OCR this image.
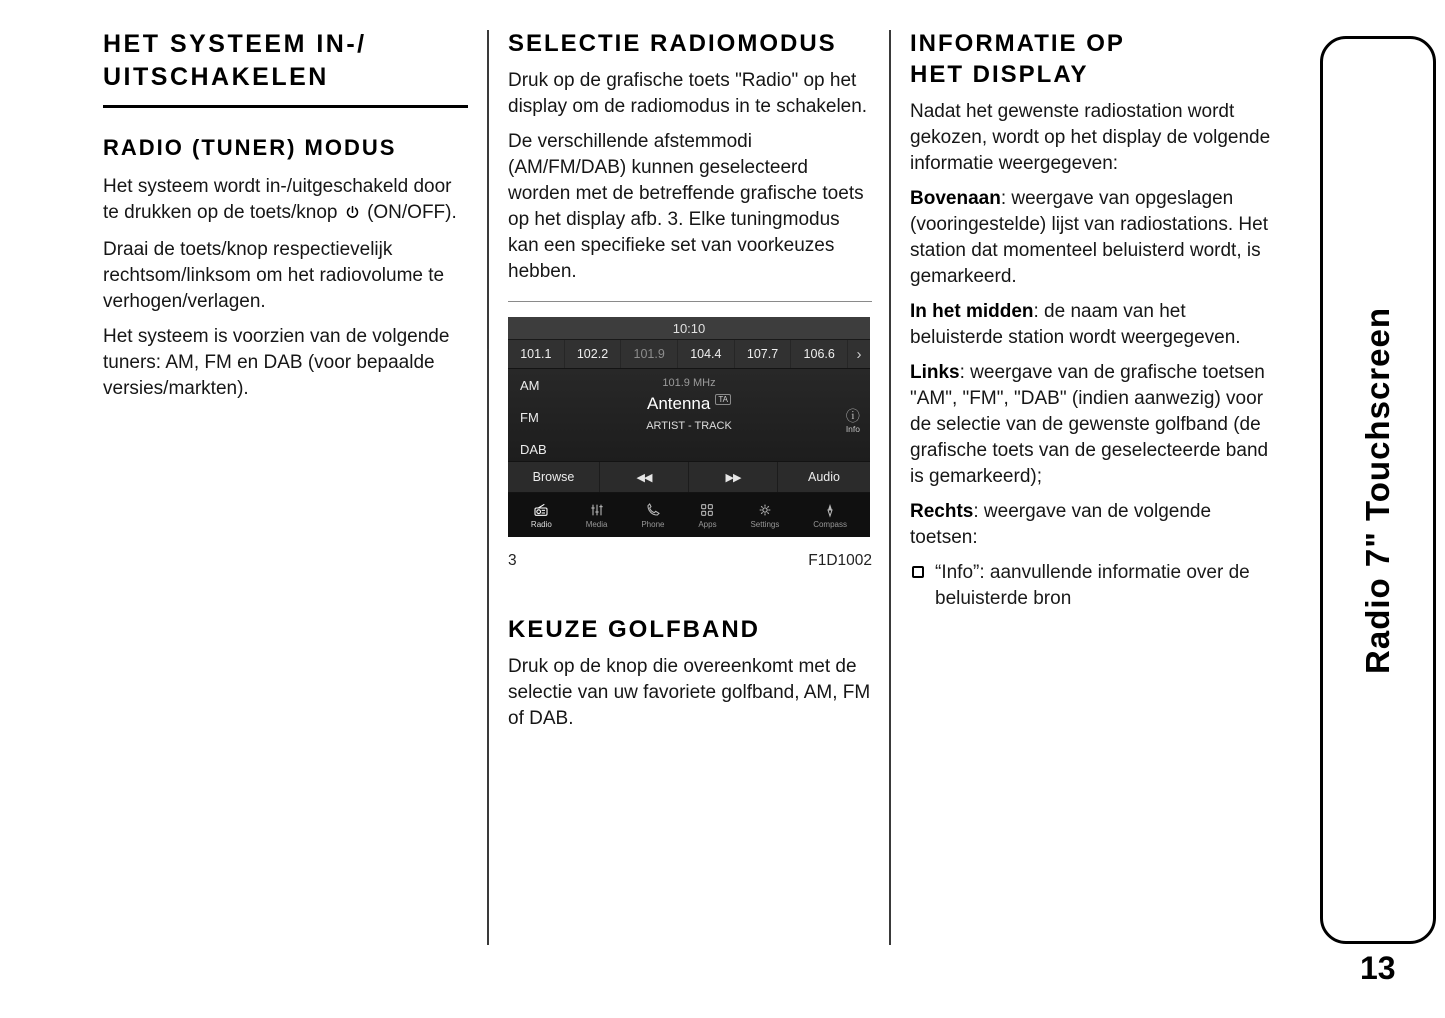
HET SYSTEEM IN-/
UITSCHAKELEN
RADIO (TUNER) MODUS

Het systeem wordt in-/uitgeschakeld door te drukken op de toets/knop (ON/OFF).

Draai de toets/knop respectievelijk rechtsom/linksom om het radiovolume te verhogen/verlagen.

Het systeem is voorzien van de volgende tuners: AM, FM en DAB (voor bepaalde versies/markten).

SELECTIE RADIOMODUS

Druk op de grafische toets "Radio" op het display om de radiomodus in te schakelen.

De verschillende afstemmodi (AM/FM/DAB) kunnen geselecteerd worden met de betreffende grafische toets op het display afb. 3. Elke tuningmodus kan een specifieke set van voorkeuzes hebben.

10:10
101.1	102.2	101.9	104.4	107.7	106.6	›
AM
FM
DAB
101.9 MHz
Antenna $^{TA}$
ARTIST - TRACK
ⓘ
Info
Browse	◀◀	▶▶	Audio
Radio	Media	Phone	Apps	Settings	Compass
3	F1D1002
KEUZE GOLFBAND

Druk op de knop die overeenkomt met de selectie van uw favoriete golfband, AM, FM of DAB.

INFORMATIE OP
HET DISPLAY

Nadat het gewenste radiostation wordt gekozen, wordt op het display de volgende informatie weergegeven:

Bovenaan: weergave van opgeslagen (vooringestelde) lijst van radiostations. Het station dat momenteel beluisterd wordt, is gemarkeerd.

In het midden: de naam van het beluisterde station wordt weergegeven.

Links: weergave van de grafische toetsen "AM", "FM", "DAB" (indien aanwezig) voor de selectie van de gewenste golfband (de grafische toets van de geselecteerde band is gemarkeerd);

Rechts: weergave van de volgende toetsen:

“Info”: aanvullende informatie over de beluisterde bron	Radio 7" Touchscreen
13
